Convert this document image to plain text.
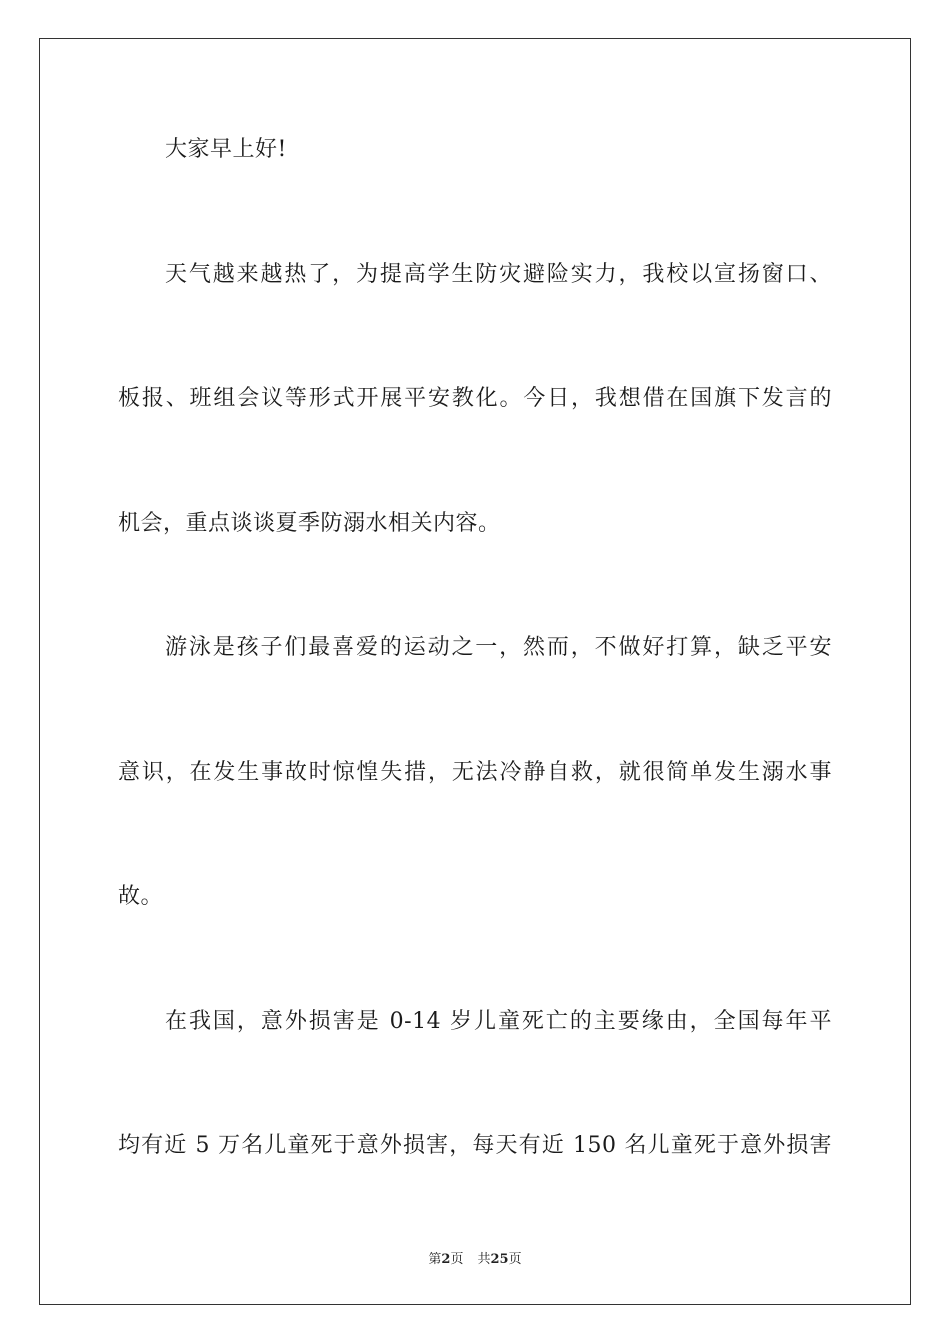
大家早上好!
天气越来越热了，为提高学生防灾避险实力，我校以宣扬窗口、
板报、班组会议等形式开展平安教化。今日，我想借在国旗下发言的
机会，重点谈谈夏季防溺水相关内容。
游泳是孩子们最喜爱的运动之一，然而，不做好打算，缺乏平安
意识，在发生事故时惊惶失措，无法冷静自救，就很简单发生溺水事
故。
在我国，意外损害是 0-14 岁儿童死亡的主要缘由，全国每年平
均有近 5 万名儿童死于意外损害，每天有近 150 名儿童死于意外损害
第2页 共25页
